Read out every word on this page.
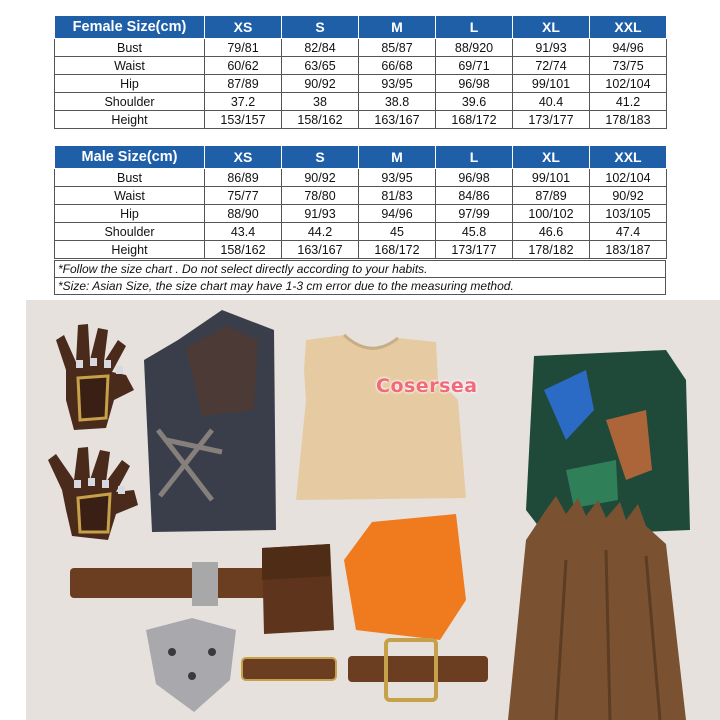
Female Size(cm)	XS	S	M	L	XL	XXL
Bust	79/81	82/84	85/87	88/920	91/93	94/96
Waist	60/62	63/65	66/68	69/71	72/74	73/75
Hip	87/89	90/92	93/95	96/98	99/101	102/104
Shoulder	37.2	38	38.8	39.6	40.4	41.2
Height	153/157	158/162	163/167	168/172	173/177	178/183
Male Size(cm)	XS	S	M	L	XL	XXL
Bust	86/89	90/92	93/95	96/98	99/101	102/104
Waist	75/77	78/80	81/83	84/86	87/89	90/92
Hip	88/90	91/93	94/96	97/99	100/102	103/105
Shoulder	43.4	44.2	45	45.8	46.6	47.4
Height	158/162	163/167	168/172	173/177	178/182	183/187
*Follow the size chart . Do not select directly according to your habits.
*Size: Asian Size, the size chart may have 1-3 cm error due to the measuring method.
Cosersea
